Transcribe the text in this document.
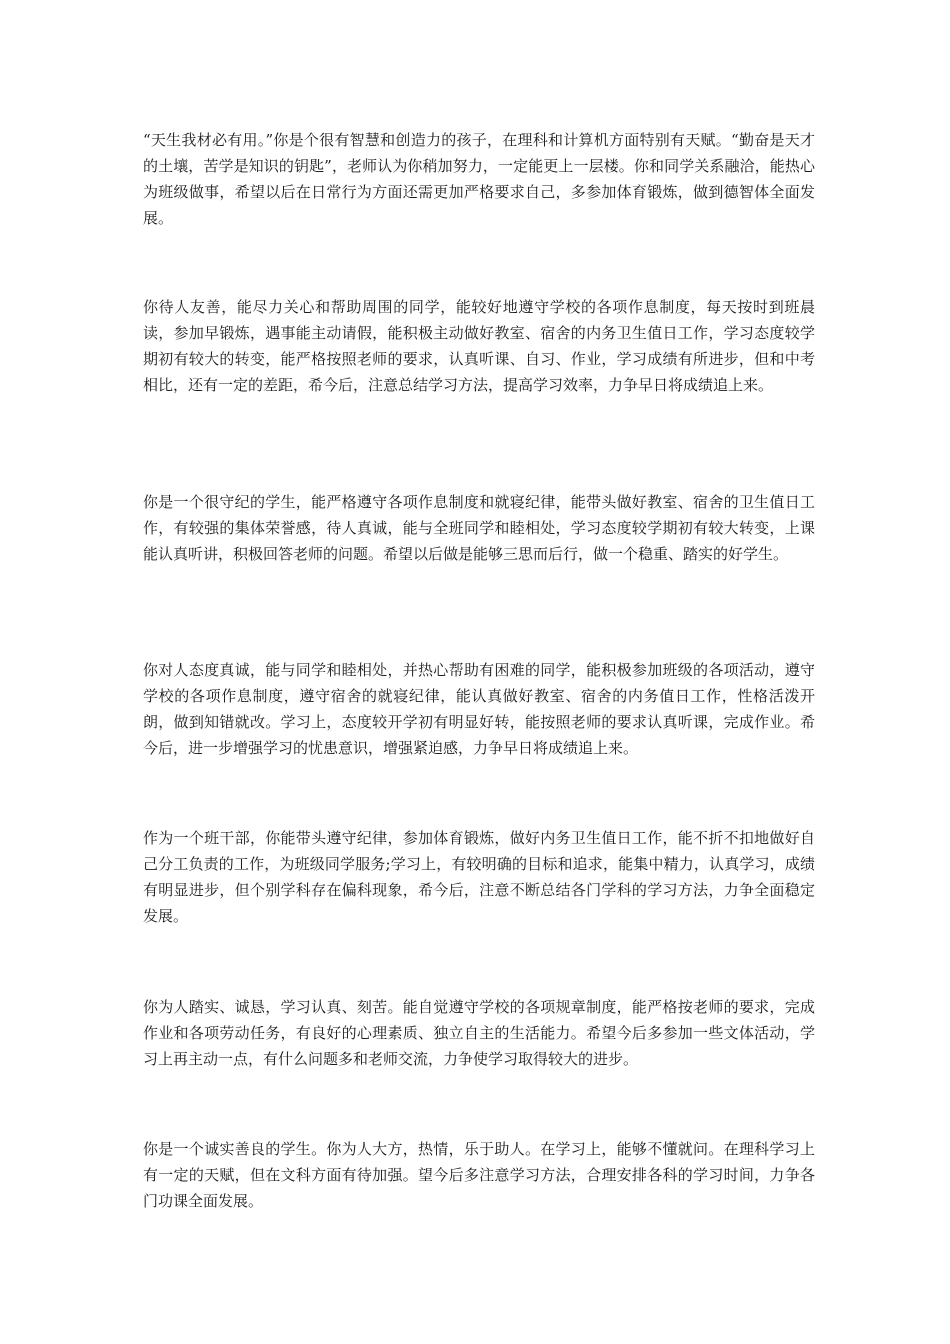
“天生我材必有用。”你是个很有智慧和创造力的孩子，在理科和计算机方面特别有天赋。“勤奋是天才的土壤，苦学是知识的钥匙”，老师认为你稍加努力，一定能更上一层楼。你和同学关系融洽，能热心为班级做事，希望以后在日常行为方面还需更加严格要求自己，多参加体育锻炼，做到德智体全面发展。

你待人友善，能尽力关心和帮助周围的同学，能较好地遵守学校的各项作息制度，每天按时到班晨读，参加早锻炼，遇事能主动请假，能积极主动做好教室、宿舍的内务卫生值日工作，学习态度较学期初有较大的转变，能严格按照老师的要求，认真听课、自习、作业，学习成绩有所进步，但和中考相比，还有一定的差距，希今后，注意总结学习方法，提高学习效率，力争早日将成绩追上来。

你是一个很守纪的学生，能严格遵守各项作息制度和就寝纪律，能带头做好教室、宿舍的卫生值日工作，有较强的集体荣誉感，待人真诚，能与全班同学和睦相处，学习态度较学期初有较大转变，上课能认真听讲，积极回答老师的问题。希望以后做是能够三思而后行，做一个稳重、踏实的好学生。

你对人态度真诚，能与同学和睦相处，并热心帮助有困难的同学，能积极参加班级的各项活动，遵守学校的各项作息制度，遵守宿舍的就寝纪律，能认真做好教室、宿舍的内务值日工作，性格活泼开朗，做到知错就改。学习上，态度较开学初有明显好转，能按照老师的要求认真听课，完成作业。希今后，进一步增强学习的忧患意识，增强紧迫感，力争早日将成绩追上来。

作为一个班干部，你能带头遵守纪律，参加体育锻炼，做好内务卫生值日工作，能不折不扣地做好自己分工负责的工作，为班级同学服务;学习上，有较明确的目标和追求，能集中精力，认真学习，成绩有明显进步，但个别学科存在偏科现象，希今后，注意不断总结各门学科的学习方法，力争全面稳定发展。

你为人踏实、诚恳，学习认真、刻苦。能自觉遵守学校的各项规章制度，能严格按老师的要求，完成作业和各项劳动任务，有良好的心理素质、独立自主的生活能力。希望今后多参加一些文体活动，学习上再主动一点，有什么问题多和老师交流，力争使学习取得较大的进步。

你是一个诚实善良的学生。你为人大方，热情，乐于助人。在学习上，能够不懂就问。在理科学习上有一定的天赋，但在文科方面有待加强。望今后多注意学习方法，合理安排各科的学习时间，力争各门功课全面发展。
